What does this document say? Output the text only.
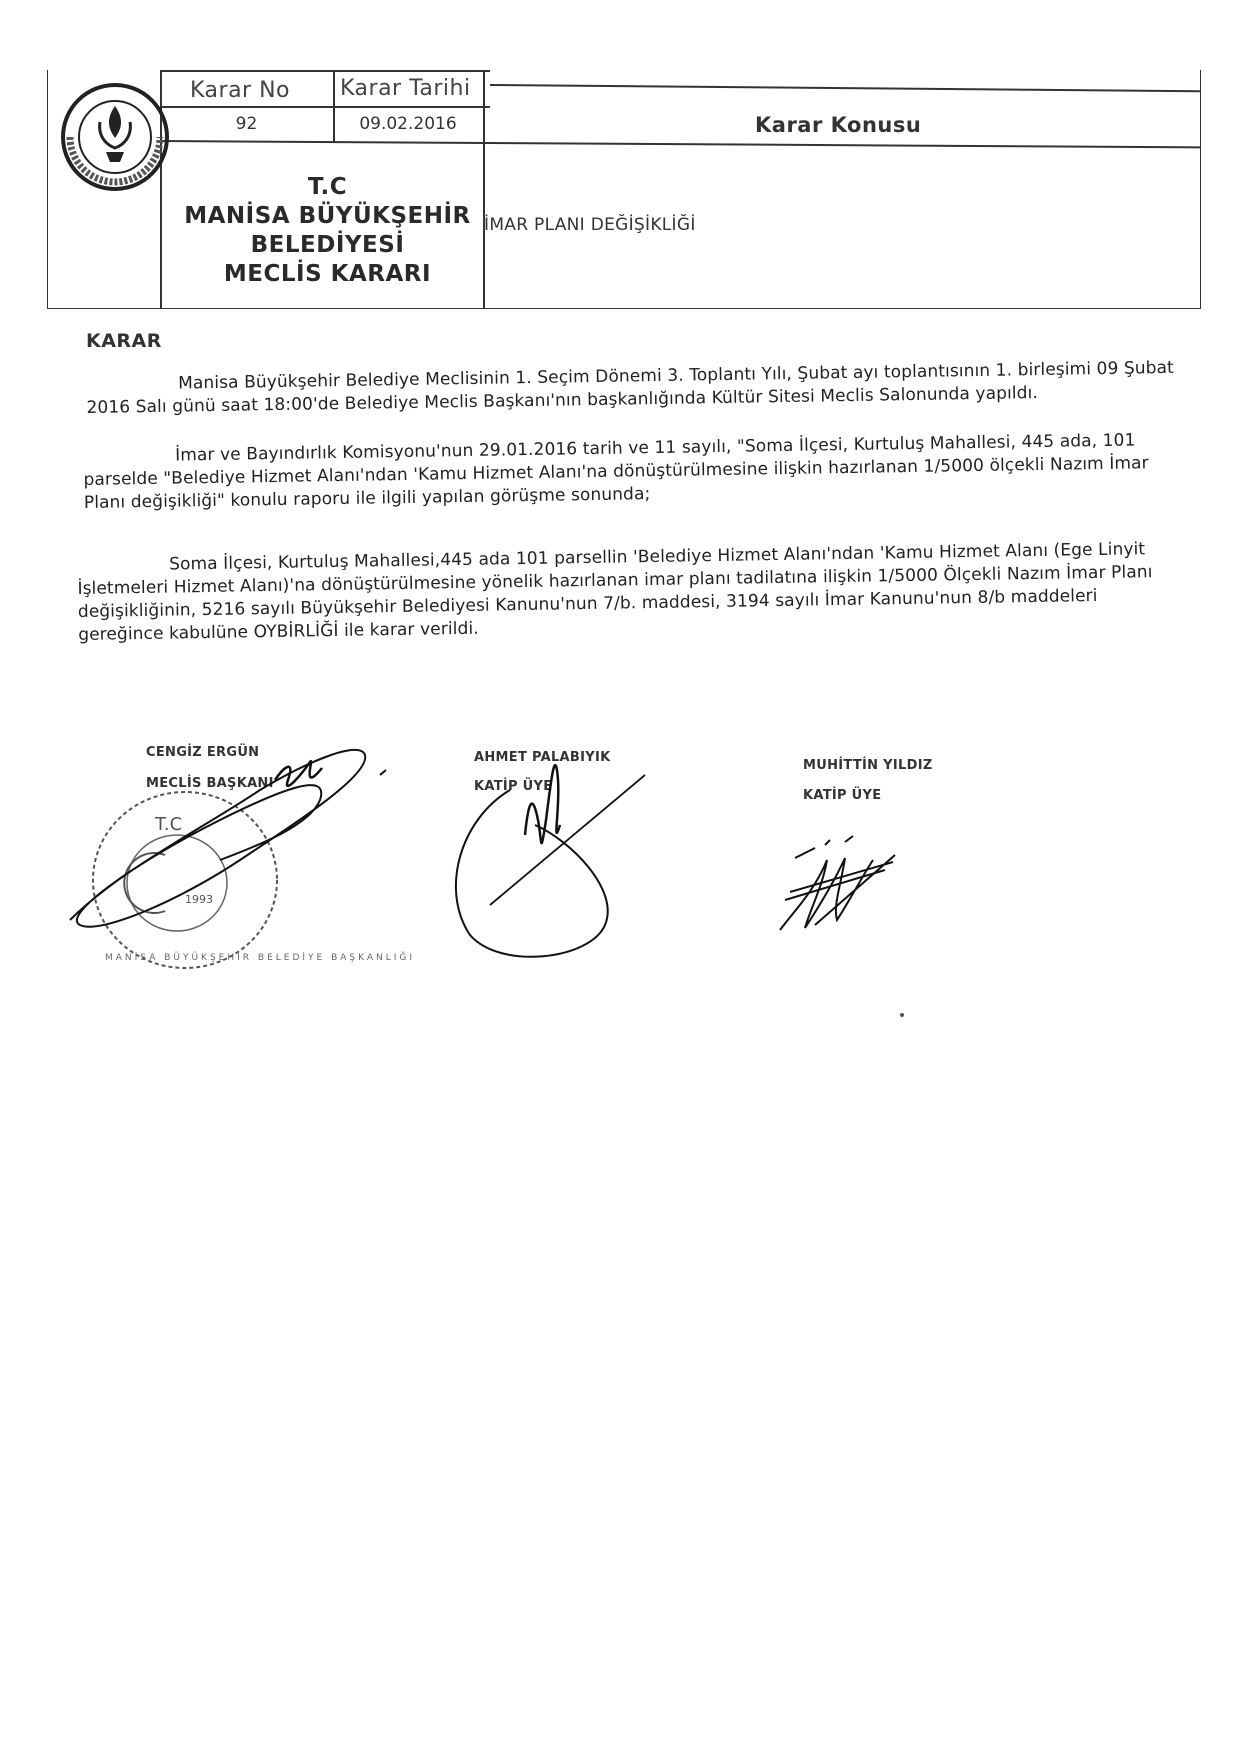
Karar No Karar Tarihi
92	09.02.2016
T.C
MANİSA BÜYÜKŞEHİR
BELEDİYESİ
MECLİS KARARI
Karar Konusu
İMAR PLANI DEĞİŞİKLİĞİ
KARAR
Manisa Büyükşehir Belediye Meclisinin 1. Seçim Dönemi 3. Toplantı Yılı, Şubat ayı toplantısının 1. birleşimi 09 Şubat 2016 Salı günü saat 18:00'de Belediye Meclis Başkanı'nın başkanlığında Kültür Sitesi Meclis Salonunda yapıldı.
İmar ve Bayındırlık Komisyonu'nun 29.01.2016 tarih ve 11 sayılı, "Soma İlçesi, Kurtuluş Mahallesi, 445 ada, 101 parselde "Belediye Hizmet Alanı'ndan 'Kamu Hizmet Alanı'na dönüştürülmesine ilişkin hazırlanan 1/5000 ölçekli Nazım İmar Planı değişikliği" konulu raporu ile ilgili yapılan görüşme sonunda;
Soma İlçesi, Kurtuluş Mahallesi,445 ada 101 parsellin 'Belediye Hizmet Alanı'ndan 'Kamu Hizmet Alanı (Ege Linyit İşletmeleri Hizmet Alanı)'na dönüştürülmesine yönelik hazırlanan imar planı tadilatına ilişkin 1/5000 Ölçekli Nazım İmar Planı değişikliğinin, 5216 sayılı Büyükşehir Belediyesi Kanunu'nun 7/b. maddesi, 3194 sayılı İmar Kanunu'nun 8/b maddeleri gereğince kabulüne OYBİRLİĞİ ile karar verildi.
CENGİZ ERGÜN
MECLİS BAŞKANI
AHMET PALABIYIK
KATİP ÜYE
MUHİTTİN YILDIZ
KATİP ÜYE
T.C
1993
MANİSA BÜYÜKŞEHİR BELEDİYE BAŞKANLIĞI
